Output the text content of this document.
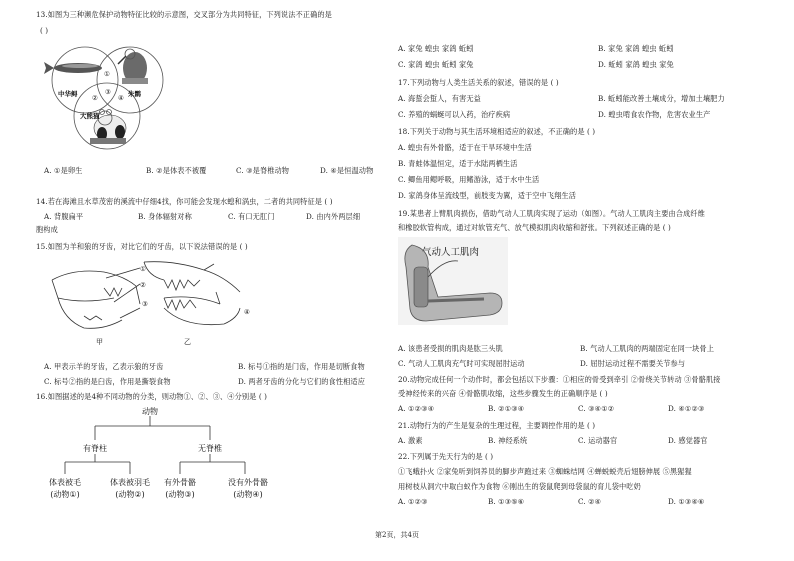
13.如图为三种濒危保护动物特征比较的示意图，交叉部分为共同特征，下列说法不正确的是
( )
中华鲟	朱鹮
大熊猫
①
②
③
④
A. ①是卵生	B. ②是体表不被覆	C. ③是脊椎动物	D. ④是恒温动物
14.若在海滩且水草茂密的溪流中仔细4找，你可能会发现水螅和涡虫，二者的共同特征是 ( )
A. 背腹扁平	B. 身体辐射对称	C. 有口无肛门	D. 由内外两层细
胞构成
15.如图为羊和狼的牙齿，对比它们的牙齿，以下说法错误的是 ( )
①
②
③
甲	乙
④
A. 甲表示羊的牙齿，乙表示狼的牙齿	B. 标号①指的是门齿，作用是切断食物
C. 标号②指的是臼齿，作用是撕裂食物	D. 两者牙齿的分化与它们的食性相适应
16.如图据述的是4种不同动物的分类，则动物①、②、③、④分别是 ( )
动物
有脊柱	无脊椎
体表被毛
(动物①)
体表被羽毛
(动物②)
有外骨骼
(动物③)
没有外骨骼
(动物④)
A. 家兔 蝗虫 家鸽 蚯蚓	B. 家兔 家鸽 蝗虫 蚯蚓
C. 家鸽 蝗虫 蚯蚓 家兔	D. 蚯蚓 家鸽 蝗虫 家兔
17.下列动物与人类生活关系的叙述，错误的是 ( )
A. 海蜇会蜇人，有害无益	B. 蚯蚓能改善土壤成分，增加土壤肥力
C. 养殖的蜗蜒可以入药，治疗疾病	D. 蝗虫啃食农作物，危害农业生产
18.下列关于动物与其生活环境相适应的叙述，不正确的是 ( )
A. 蝗虫有外骨骼，适于在干旱环境中生活
B. 青蛙体温恒定，适于水陆两栖生活
C. 鲫鱼用鳃呼吸，用鳍游泳，适于水中生活
D. 家鸽身体呈流线型，前肢变为翼，适于空中飞翔生活
19.某患者上臂肌肉损伤，借助气动人工肌肉实现了运动（如图）。气动人工肌肉主要由合成纤维
和橡胶软管构成，通过对软管充气、放气模拟肌肉收缩和舒张。下列叙述正确的是 ( )
气动人工肌肉
A. 该患者受损的肌肉是肱三头肌	B. 气动人工肌肉的两端固定在同一块骨上
C. 气动人工肌肉充气时可实现屈肘运动	D. 屈肘运动过程不需要关节参与
20.动物完成任何一个动作时，都会包括以下步骤：①相应的骨受到牵引 ②骨绕关节转动 ③骨骼肌接
受神经传来的兴奋 ④骨骼肌收缩，这些步骤发生的正确顺序是 ( )
A. ①②③④	B. ②①③④	C. ③④①②	D. ④①②③
21.动物行为的产生是复杂的生理过程，主要调控作用的是 ( )
A. 激素	B. 神经系统	C. 运动器官	D. 感觉器官
22.下列属于先天行为的是 ( )
①飞蛾扑火 ②家兔听到饲养员的脚步声跑过来 ③蜘蛛结网 ④蝉蜕蜕壳后翅膀伸展 ⑤黑猩猩
用树枝从洞穴中取白蚁作为食物 ⑥刚出生的袋鼠爬到母袋鼠的育儿袋中吃奶
A. ①②③	B. ①③⑤⑥	C. ②④	D. ①③④⑥
第2页，共4页
